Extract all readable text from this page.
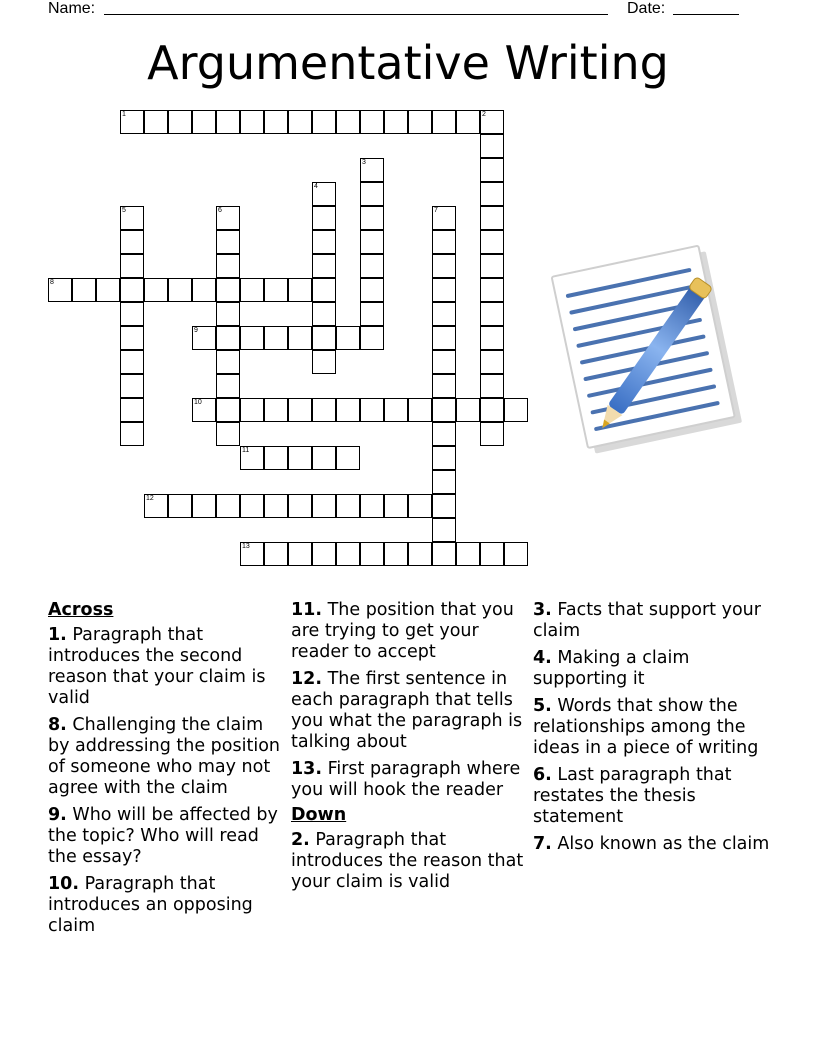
Name:	Date:
Argumentative Writing
1	2
3
4
5	6	7
8
9
10
11
12
13
Across
1. Paragraph that introduces the second reason that your claim is valid
8. Challenging the claim by addressing the position of someone who may not agree with the claim
9. Who will be affected by the topic? Who will read the essay?
10. Paragraph that introduces an opposing claim
11. The position that you are trying to get your reader to accept
12. The first sentence in each paragraph that tells you what the paragraph is talking about
13. First paragraph where you will hook the reader
Down
2. Paragraph that introduces the reason that your claim is valid
3. Facts that support your claim
4. Making a claim supporting it
5. Words that show the relationships among the ideas in a piece of writing
6. Last paragraph that restates the thesis statement
7. Also known as the claim
